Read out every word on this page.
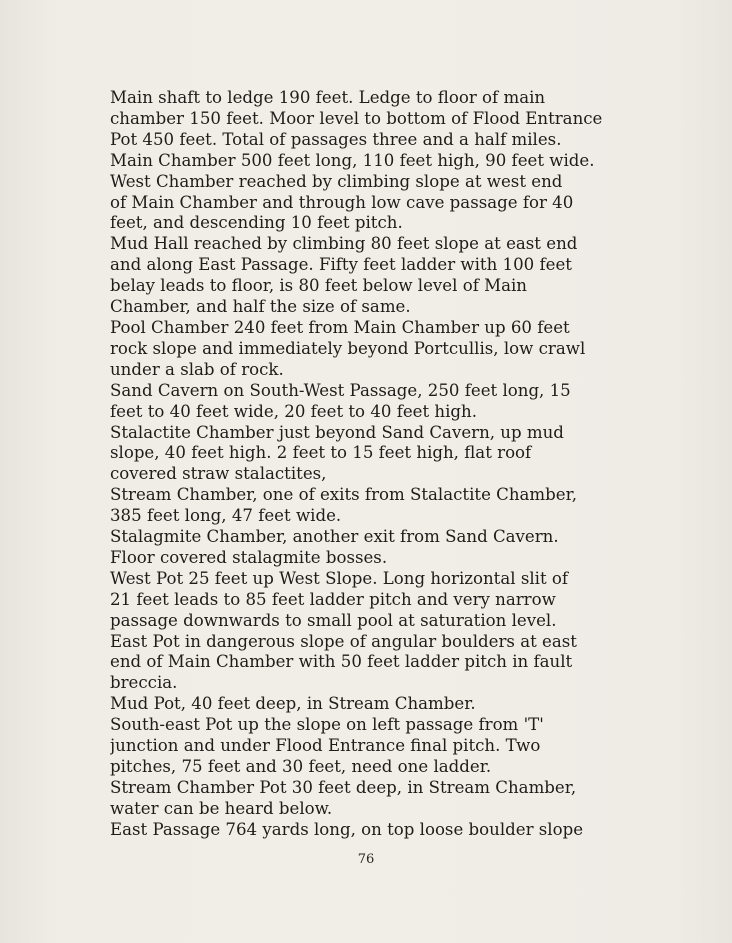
Main shaft to ledge 190 feet. Ledge to floor of main
chamber 150 feet. Moor level to bottom of Flood Entrance
Pot 450 feet. Total of passages three and a half miles.
Main Chamber 500 feet long, 110 feet high, 90 feet wide.
West Chamber reached by climbing slope at west end
of Main Chamber and through low cave passage for 40
feet, and descending 10 feet pitch.
Mud Hall reached by climbing 80 feet slope at east end
and along East Passage. Fifty feet ladder with 100 feet
belay leads to floor, is 80 feet below level of Main
Chamber, and half the size of same.
Pool Chamber 240 feet from Main Chamber up 60 feet
rock slope and immediately beyond Portcullis, low crawl
under a slab of rock.
Sand Cavern on South-West Passage, 250 feet long, 15
feet to 40 feet wide, 20 feet to 40 feet high.
Stalactite Chamber just beyond Sand Cavern, up mud
slope, 40 feet high. 2 feet to 15 feet high, flat roof
covered straw stalactites,
Stream Chamber, one of exits from Stalactite Chamber,
385 feet long, 47 feet wide.
Stalagmite Chamber, another exit from Sand Cavern.
Floor covered stalagmite bosses.
West Pot 25 feet up West Slope. Long horizontal slit of
21 feet leads to 85 feet ladder pitch and very narrow
passage downwards to small pool at saturation level.
East Pot in dangerous slope of angular boulders at east
end of Main Chamber with 50 feet ladder pitch in fault
breccia.
Mud Pot, 40 feet deep, in Stream Chamber.
South-east Pot up the slope on left passage from 'T'
junction and under Flood Entrance final pitch. Two
pitches, 75 feet and 30 feet, need one ladder.
Stream Chamber Pot 30 feet deep, in Stream Chamber,
water can be heard below.
East Passage 764 yards long, on top loose boulder slope
76
